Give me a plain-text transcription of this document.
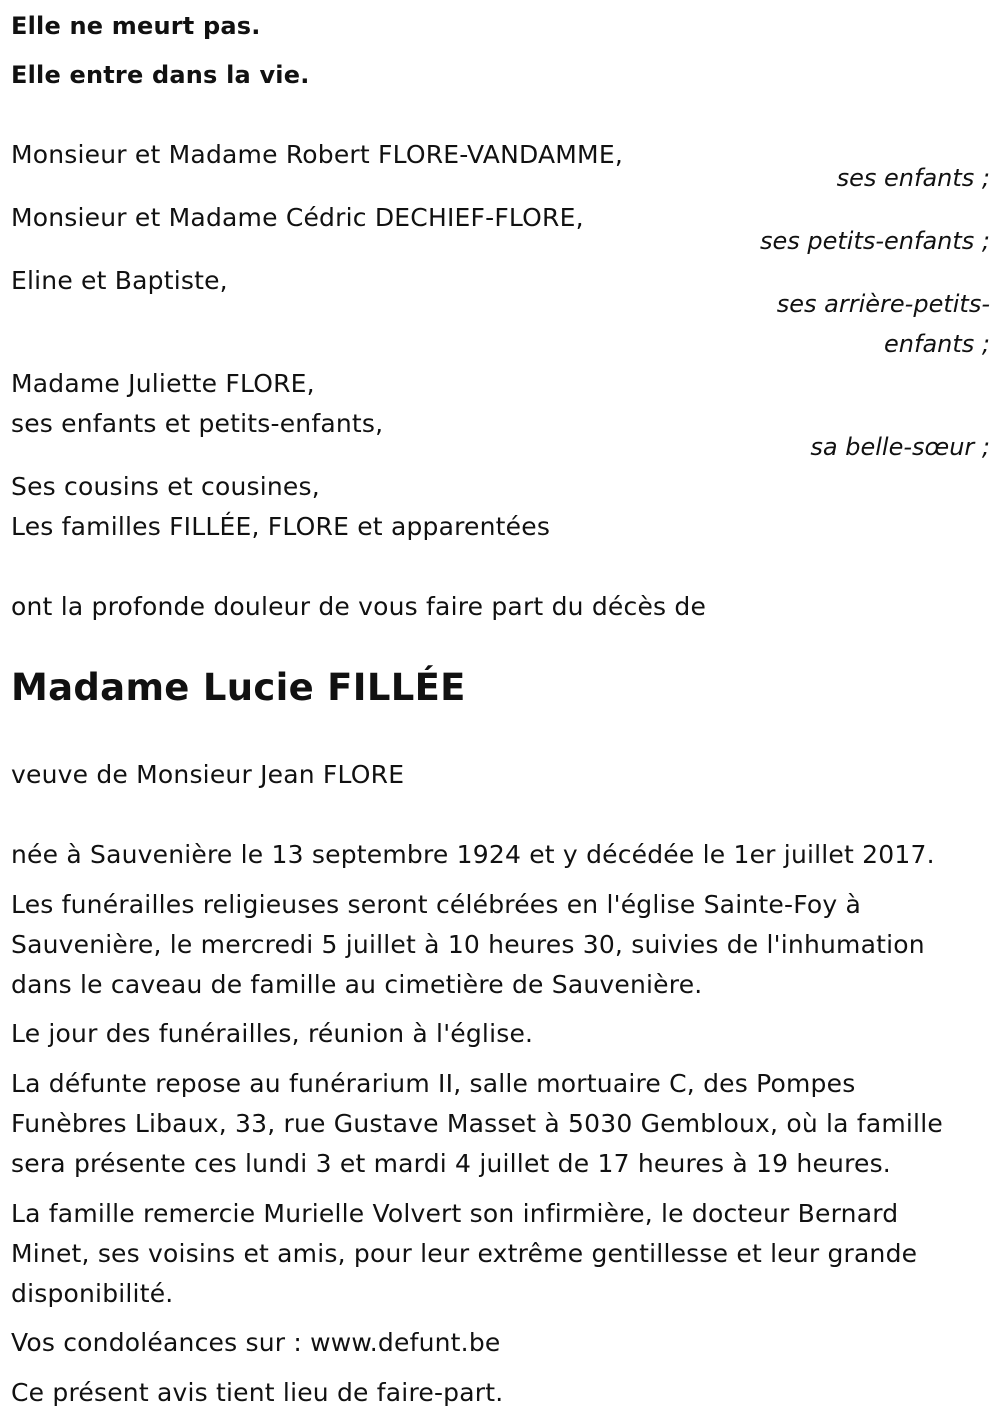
Elle ne meurt pas.
Elle entre dans la vie.
Monsieur et Madame Robert FLORE-VANDAMME,
ses enfants ;
Monsieur et Madame Cédric DECHIEF-FLORE,
ses petits-enfants ;
Eline et Baptiste,
ses arrière-petits-
enfants ;
Madame Juliette FLORE,
ses enfants et petits-enfants,
sa belle-sœur ;
Ses cousins et cousines,
Les familles FILLÉE, FLORE et apparentées
ont la profonde douleur de vous faire part du décès de
Madame Lucie FILLÉE
veuve de Monsieur Jean FLORE
née à Sauvenière le 13 septembre 1924 et y décédée le 1er juillet 2017.
Les funérailles religieuses seront célébrées en l'église Sainte-Foy à
Sauvenière, le mercredi 5 juillet à 10 heures 30, suivies de l'inhumation
dans le caveau de famille au cimetière de Sauvenière.
Le jour des funérailles, réunion à l'église.
La défunte repose au funérarium II, salle mortuaire C, des Pompes
Funèbres Libaux, 33, rue Gustave Masset à 5030 Gembloux, où la famille
sera présente ces lundi 3 et mardi 4 juillet de 17 heures à 19 heures.
La famille remercie Murielle Volvert son infirmière, le docteur Bernard
Minet, ses voisins et amis, pour leur extrême gentillesse et leur grande
disponibilité.
Vos condoléances sur : www.defunt.be
Ce présent avis tient lieu de faire-part.
